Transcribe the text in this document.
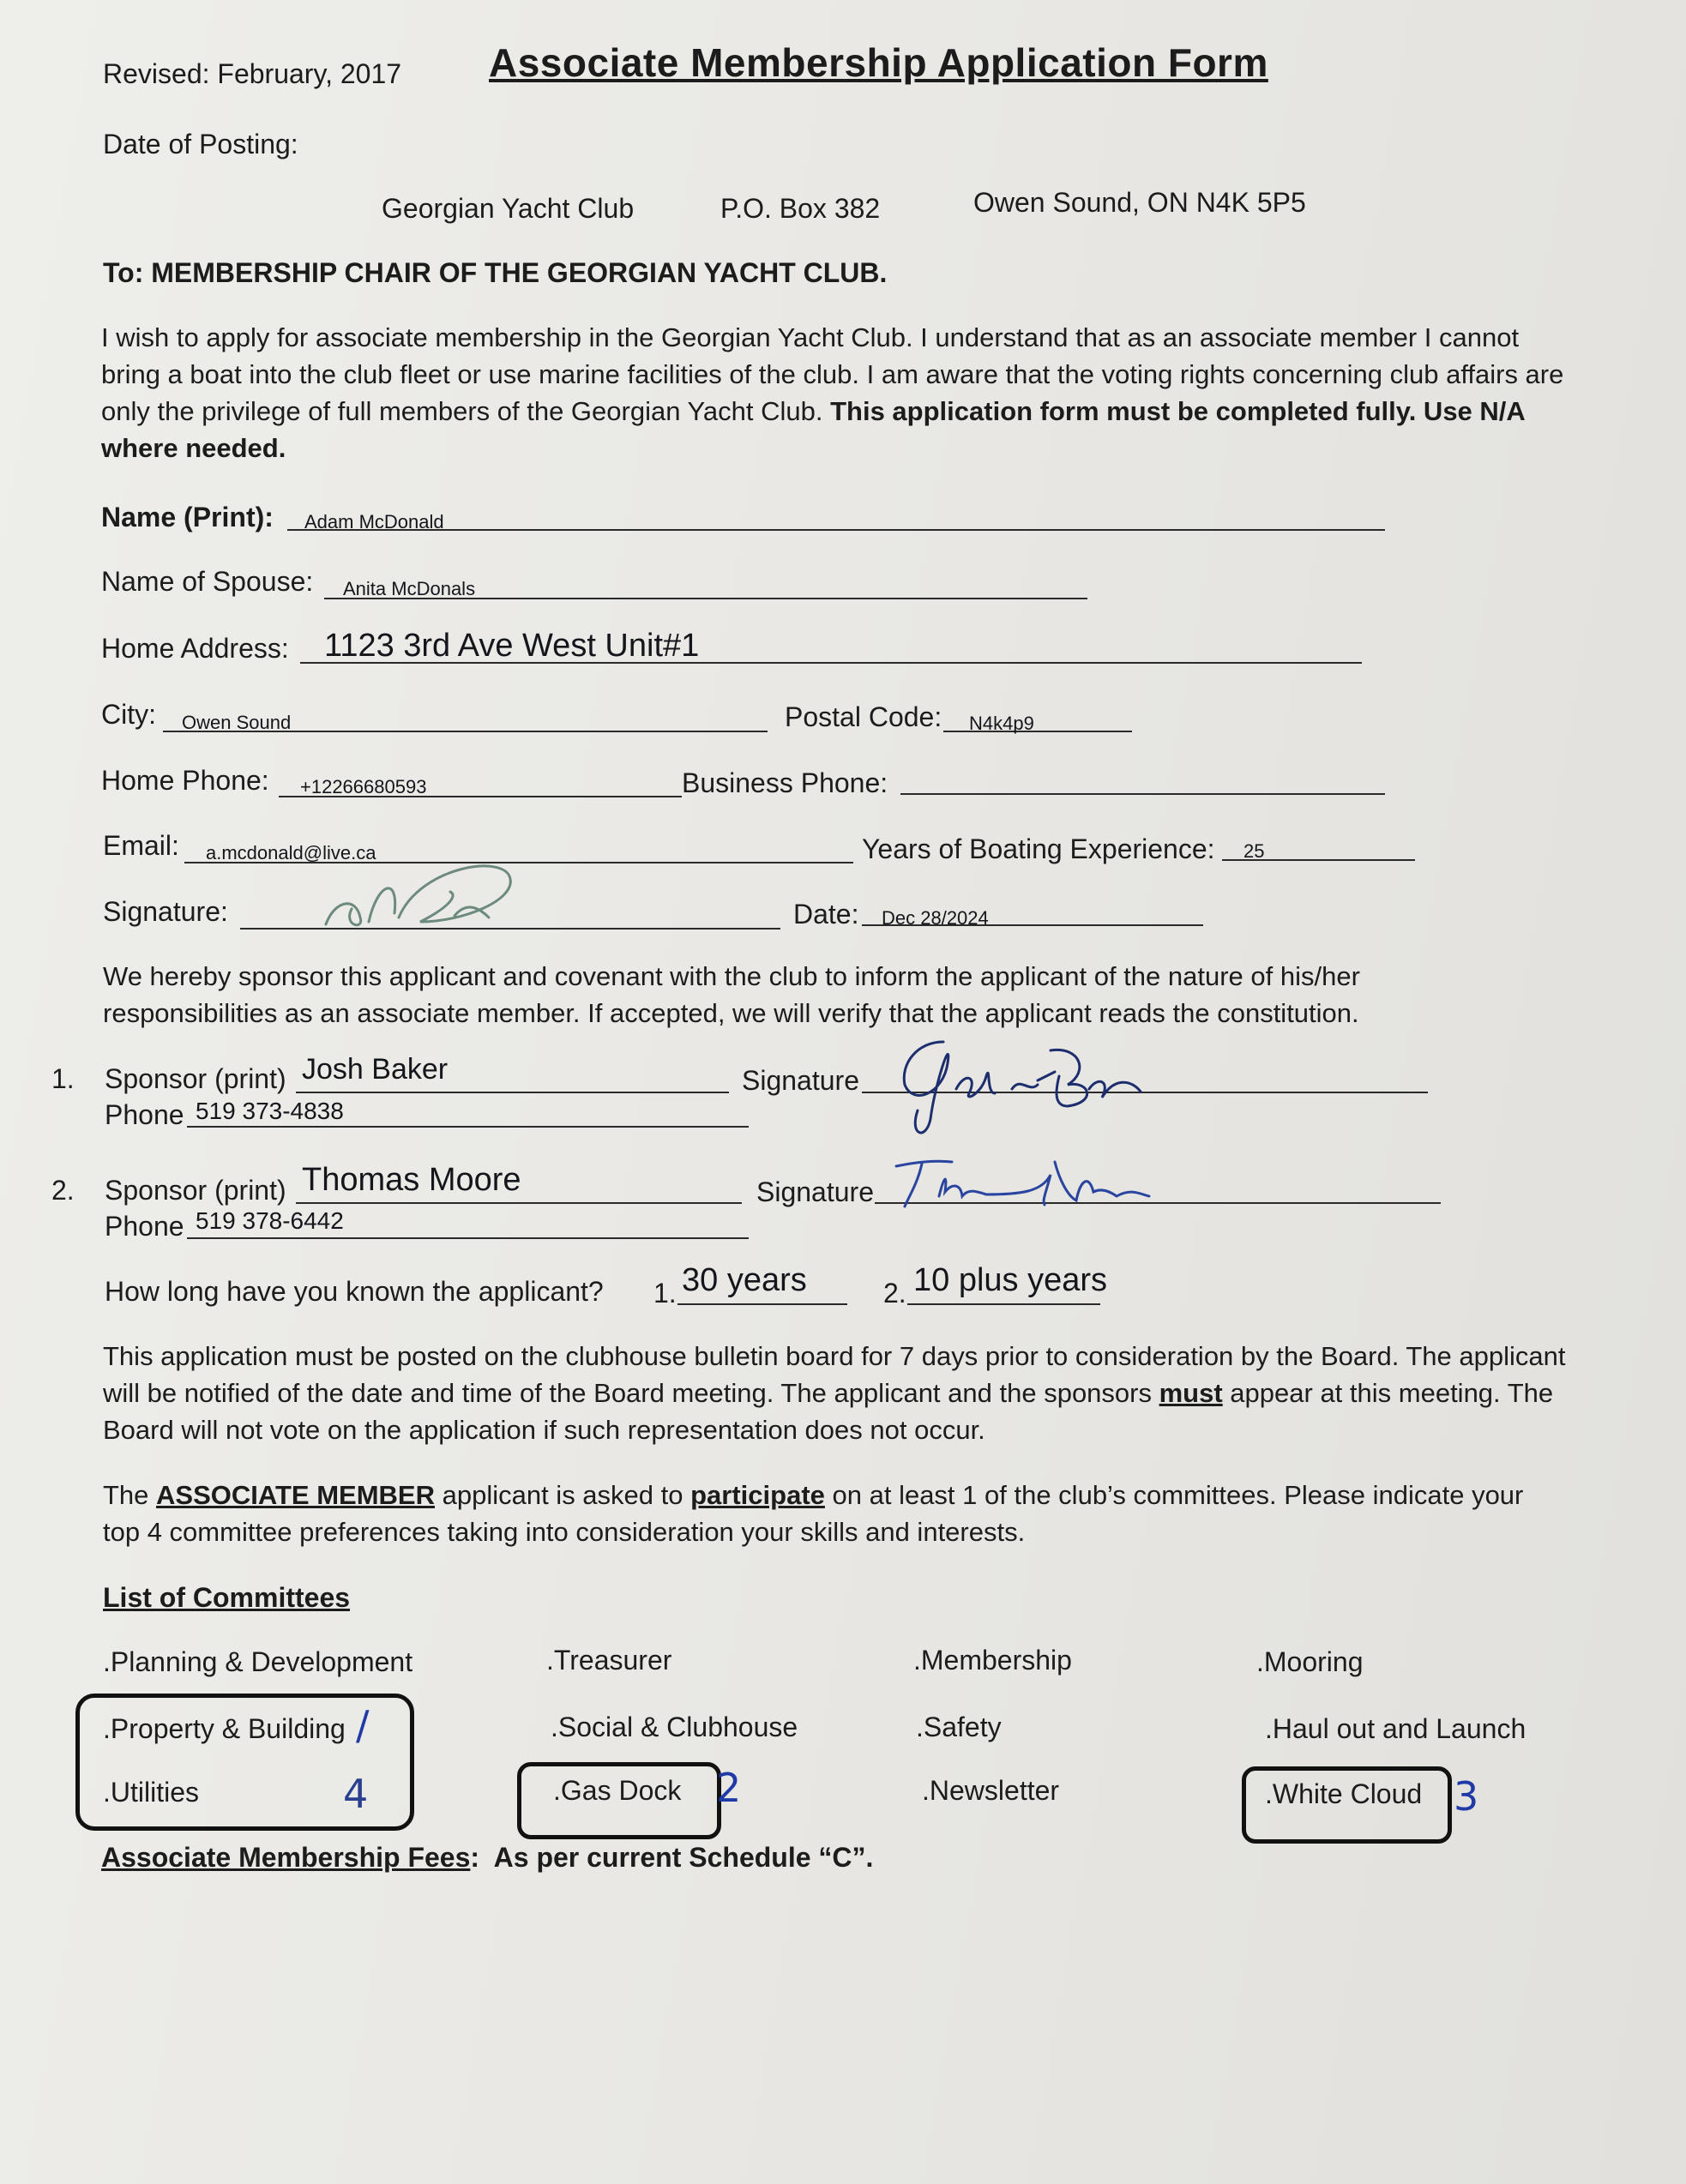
Revised: February, 2017 Associate Membership Application Form
Date of Posting:
Georgian Yacht Club	P.O. Box 382	Owen Sound, ON N4K 5P5
To: MEMBERSHIP CHAIR OF THE GEORGIAN YACHT CLUB.
I wish to apply for associate membership in the Georgian Yacht Club. I understand that as an associate member I cannot bring a boat into the club fleet or use marine facilities of the club. I am aware that the voting rights concerning club affairs are only the privilege of full members of the Georgian Yacht Club. This application form must be completed fully. Use N/A where needed.
Name (Print): Adam McDonald
Name of Spouse: Anita McDonals
Home Address: 1123 3rd Ave West Unit#1
City: Owen Sound	Postal Code: N4k4p9
Home Phone: +12266680593	Business Phone:
Email: a.mcdonald@live.ca	Years of Boating Experience: 25
Signature:	Date: Dec 28/2024
We hereby sponsor this applicant and covenant with the club to inform the applicant of the nature of his/her responsibilities as an associate member. If accepted, we will verify that the applicant reads the constitution.
1. Sponsor (print) Josh Baker	Signature
Phone 519 373-4838
2. Sponsor (print) Thomas Moore	Signature
Phone 519 378-6442
How long have you known the applicant? 1. 30 years	2. 10 plus years
This application must be posted on the clubhouse bulletin board for 7 days prior to consideration by the Board. The applicant will be notified of the date and time of the Board meeting. The applicant and the sponsors must appear at this meeting. The Board will not vote on the application if such representation does not occur.
The ASSOCIATE MEMBER applicant is asked to participate on at least 1 of the club’s committees. Please indicate your top 4 committee preferences taking into consideration your skills and interests.
List of Committees
.Planning & Development	.Treasurer	.Membership	.Mooring
.Property & Building	.Social & Clubhouse	.Safety	.Haul out and Launch
.Utilities	.Gas Dock	.Newsletter	.White Cloud
/
4	2	3
Associate Membership Fees:  As per current Schedule “C”.
